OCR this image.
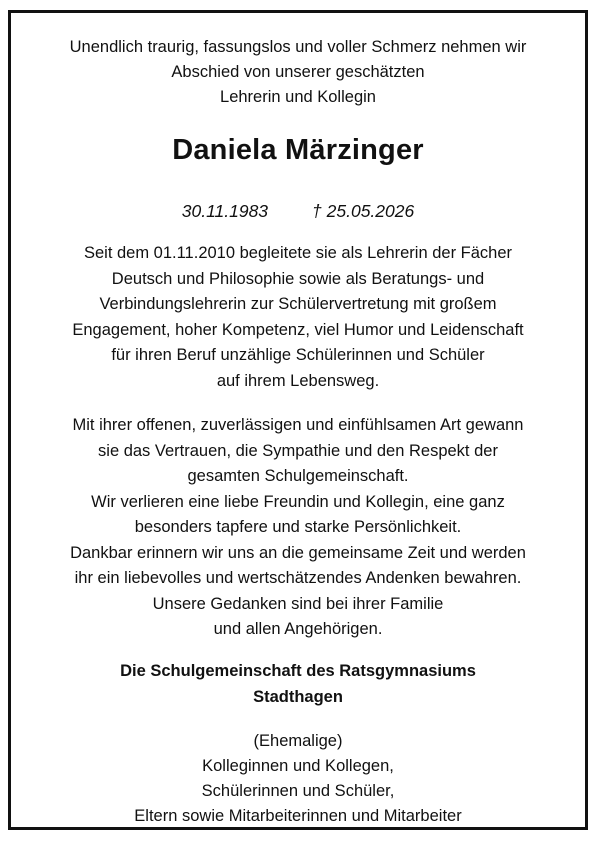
Unendlich traurig, fassungslos und voller Schmerz nehmen wir
Abschied von unserer geschätzten
Lehrerin und Kollegin
Daniela Märzinger
30.11.1983	† 25.05.2026
Seit dem 01.11.2010 begleitete sie als Lehrerin der Fächer
Deutsch und Philosophie sowie als Beratungs- und
Verbindungslehrerin zur Schülervertretung mit großem
Engagement, hoher Kompetenz, viel Humor und Leidenschaft
für ihren Beruf unzählige Schülerinnen und Schüler
auf ihrem Lebensweg.
Mit ihrer offenen, zuverlässigen und einfühlsamen Art gewann
sie das Vertrauen, die Sympathie und den Respekt der
gesamten Schulgemeinschaft.
Wir verlieren eine liebe Freundin und Kollegin, eine ganz
besonders tapfere und starke Persönlichkeit.
Dankbar erinnern wir uns an die gemeinsame Zeit und werden
ihr ein liebevolles und wertschätzendes Andenken bewahren.
Unsere Gedanken sind bei ihrer Familie
und allen Angehörigen.
Die Schulgemeinschaft des Ratsgymnasiums
Stadthagen
(Ehemalige)
Kolleginnen und Kollegen,
Schülerinnen und Schüler,
Eltern sowie Mitarbeiterinnen und Mitarbeiter
